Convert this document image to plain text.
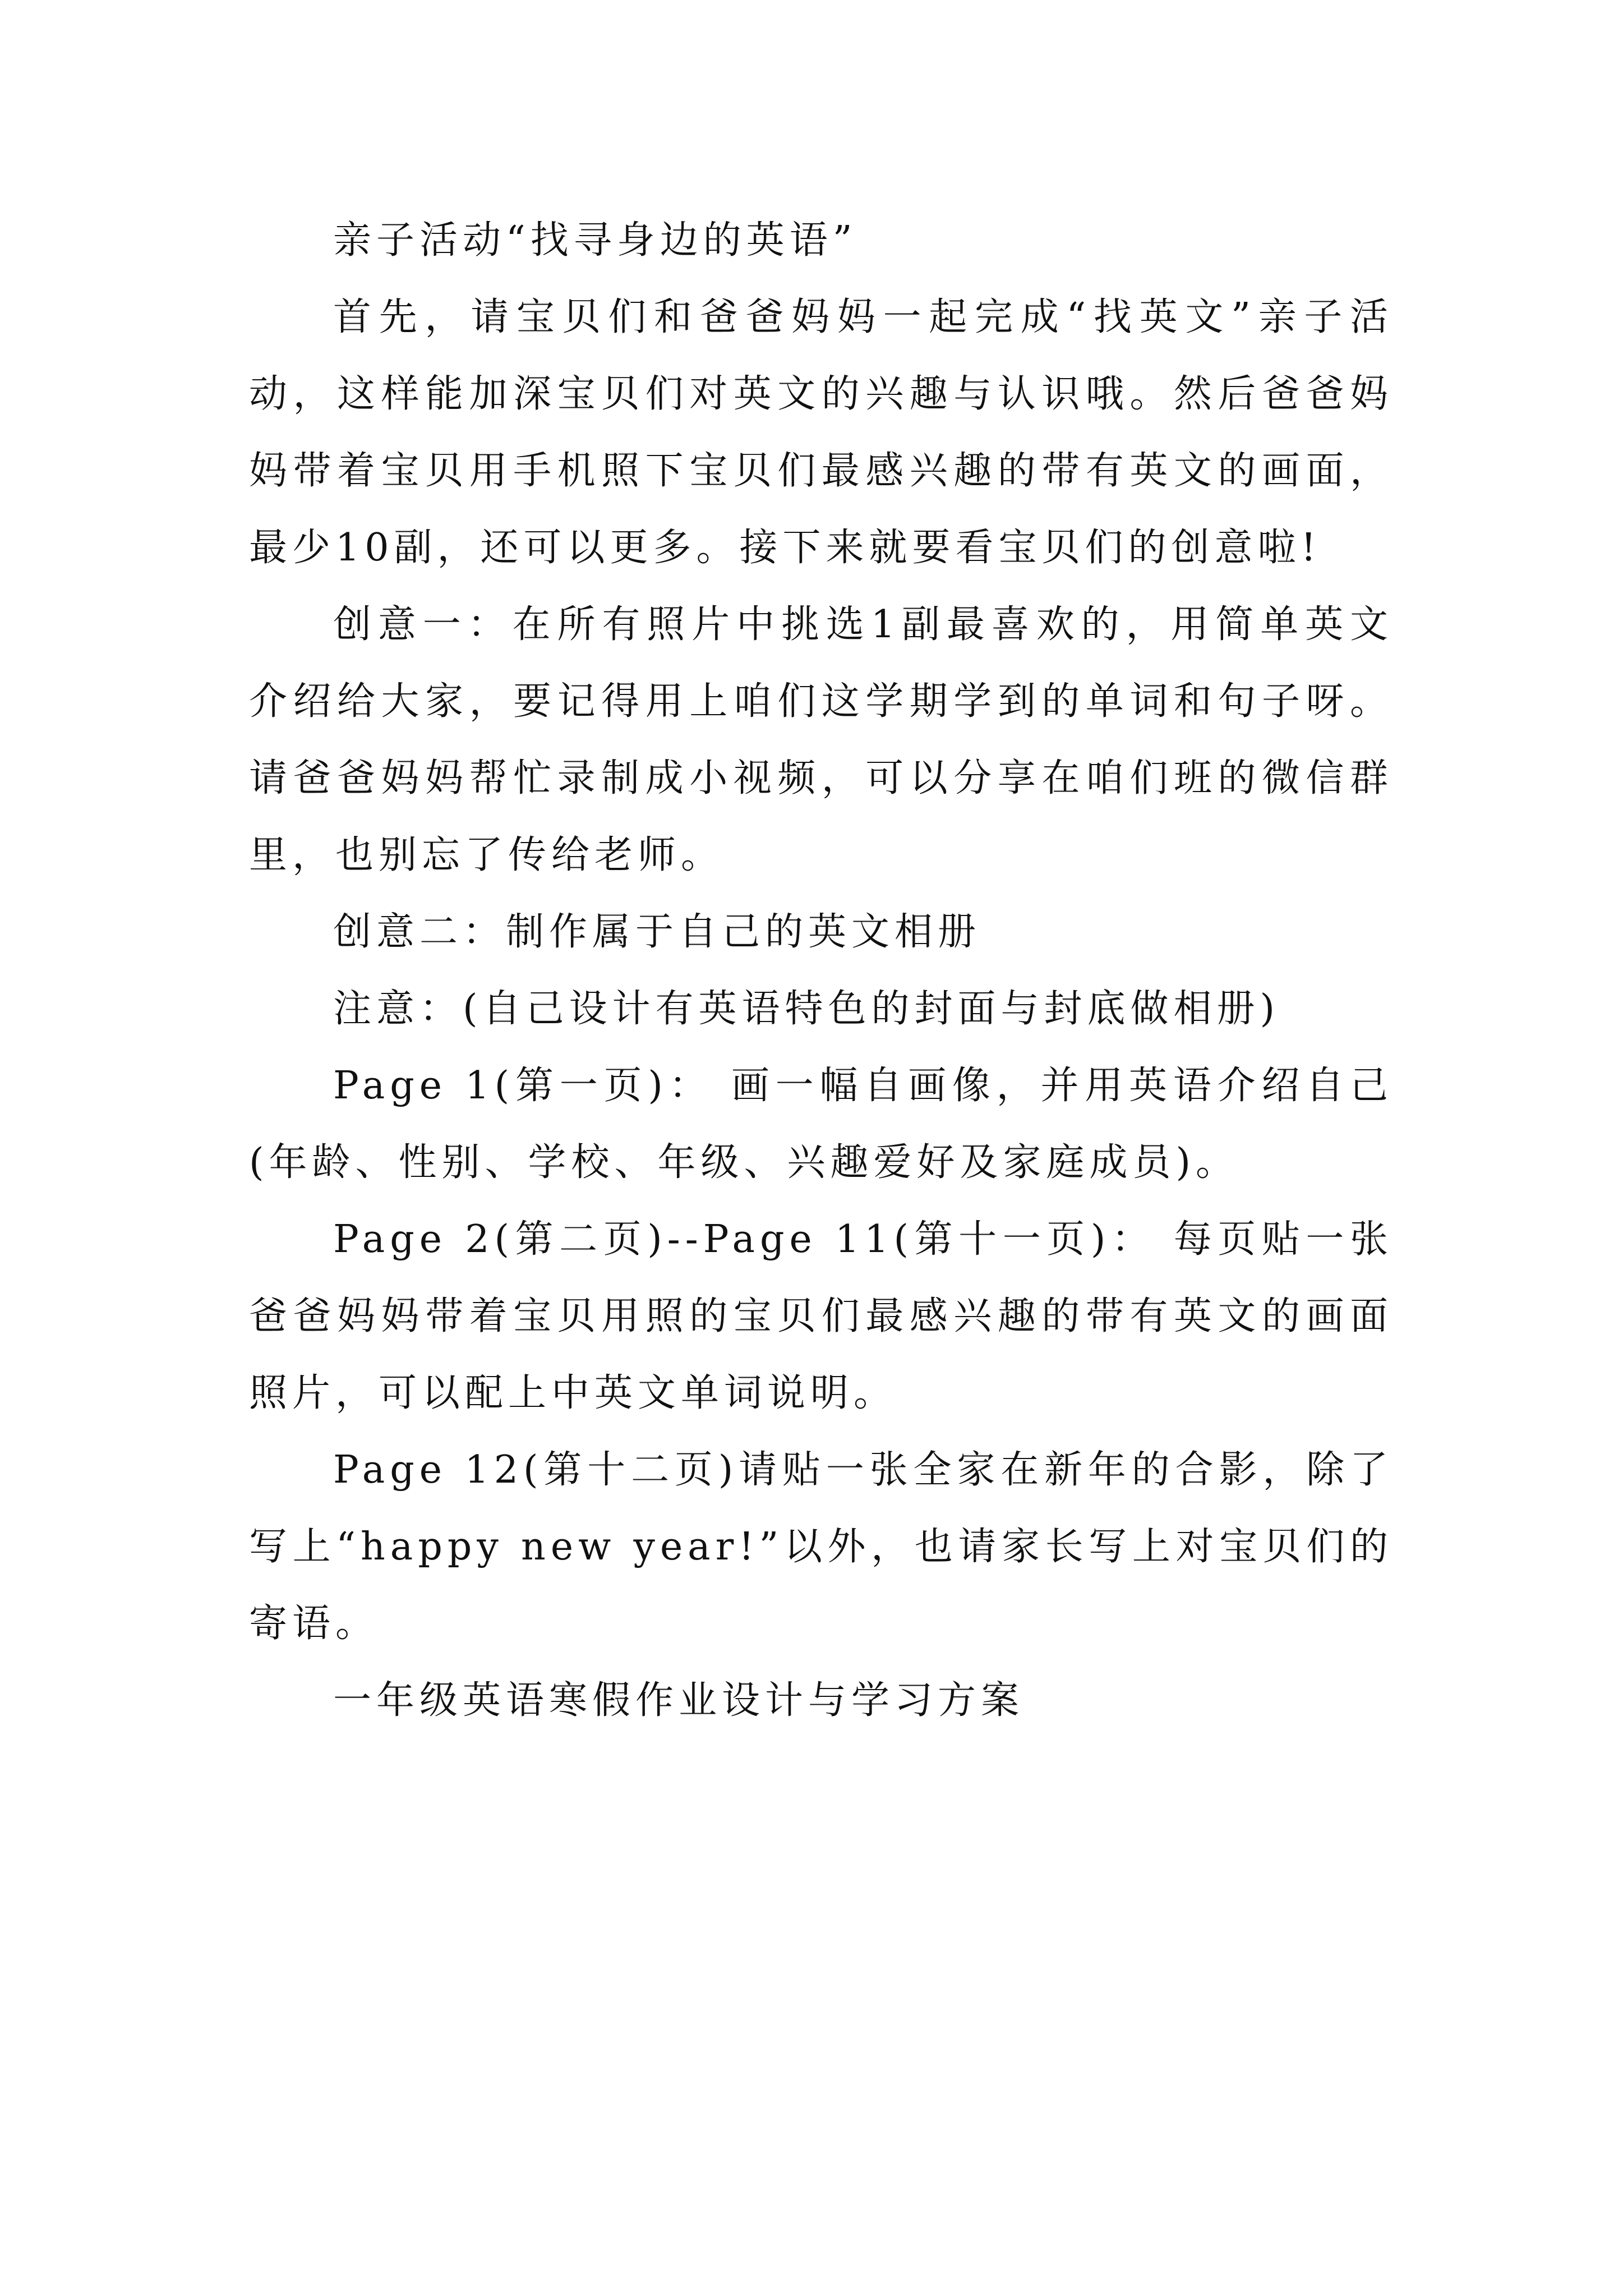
亲子活动“找寻身边的英语”

首先，请宝贝们和爸爸妈妈一起完成“找英文”亲子活动，这样能加深宝贝们对英文的兴趣与认识哦。然后爸爸妈妈带着宝贝用手机照下宝贝们最感兴趣的带有英文的画面，最少10副，还可以更多。接下来就要看宝贝们的创意啦!

创意一：在所有照片中挑选1副最喜欢的，用简单英文介绍给大家，要记得用上咱们这学期学到的单词和句子呀。请爸爸妈妈帮忙录制成小视频，可以分享在咱们班的微信群里，也别忘了传给老师。

创意二：制作属于自己的英文相册

注意：(自己设计有英语特色的封面与封底做相册)

Page 1(第一页)： 画一幅自画像，并用英语介绍自己(年龄、性别、学校、年级、兴趣爱好及家庭成员)。

Page 2(第二页)--Page 11(第十一页)： 每页贴一张爸爸妈妈带着宝贝用照的宝贝们最感兴趣的带有英文的画面照片，可以配上中英文单词说明。

Page 12(第十二页)请贴一张全家在新年的合影，除了写上“happy new year!”以外，也请家长写上对宝贝们的寄语。

一年级英语寒假作业设计与学习方案
